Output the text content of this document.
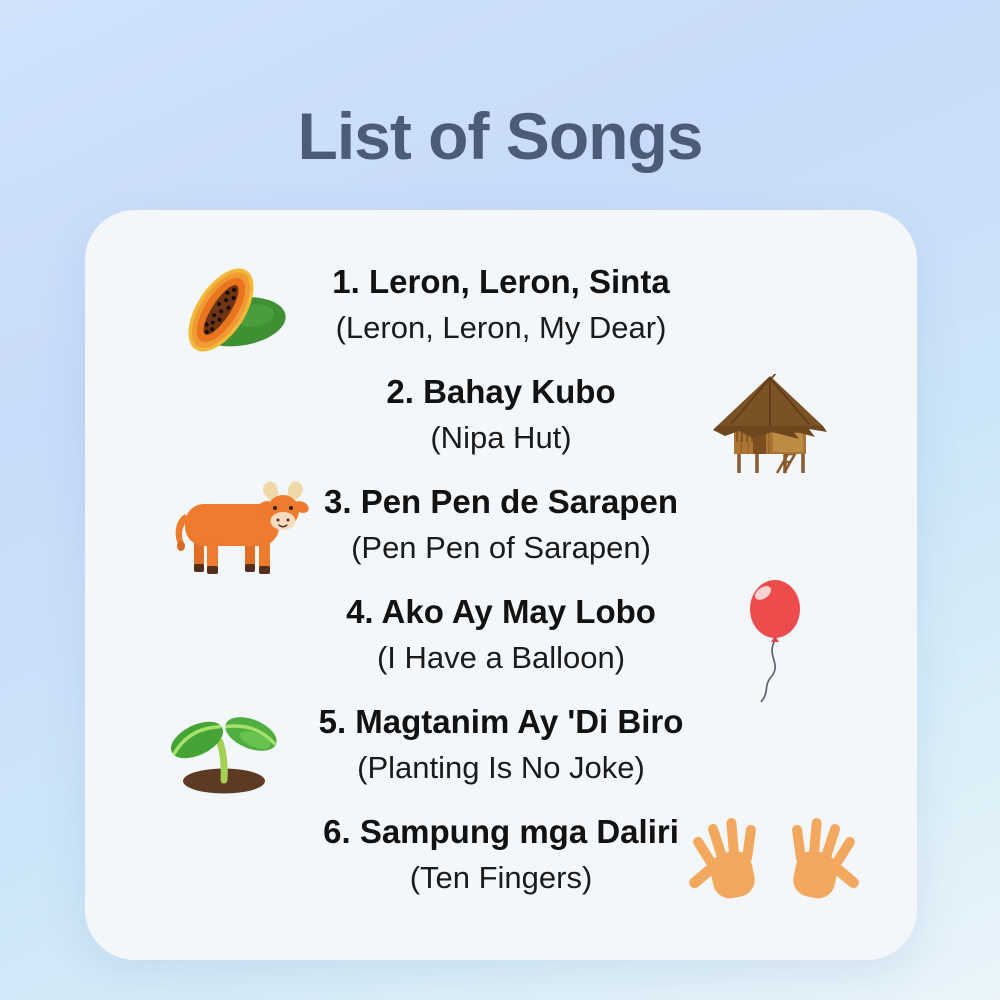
List of Songs
1. Leron, Leron, Sinta
(Leron, Leron, My Dear)
2. Bahay Kubo
(Nipa Hut)
3. Pen Pen de Sarapen
(Pen Pen of Sarapen)
4. Ako Ay May Lobo
(I Have a Balloon)
5. Magtanim Ay 'Di Biro
(Planting Is No Joke)
6. Sampung mga Daliri
(Ten Fingers)
